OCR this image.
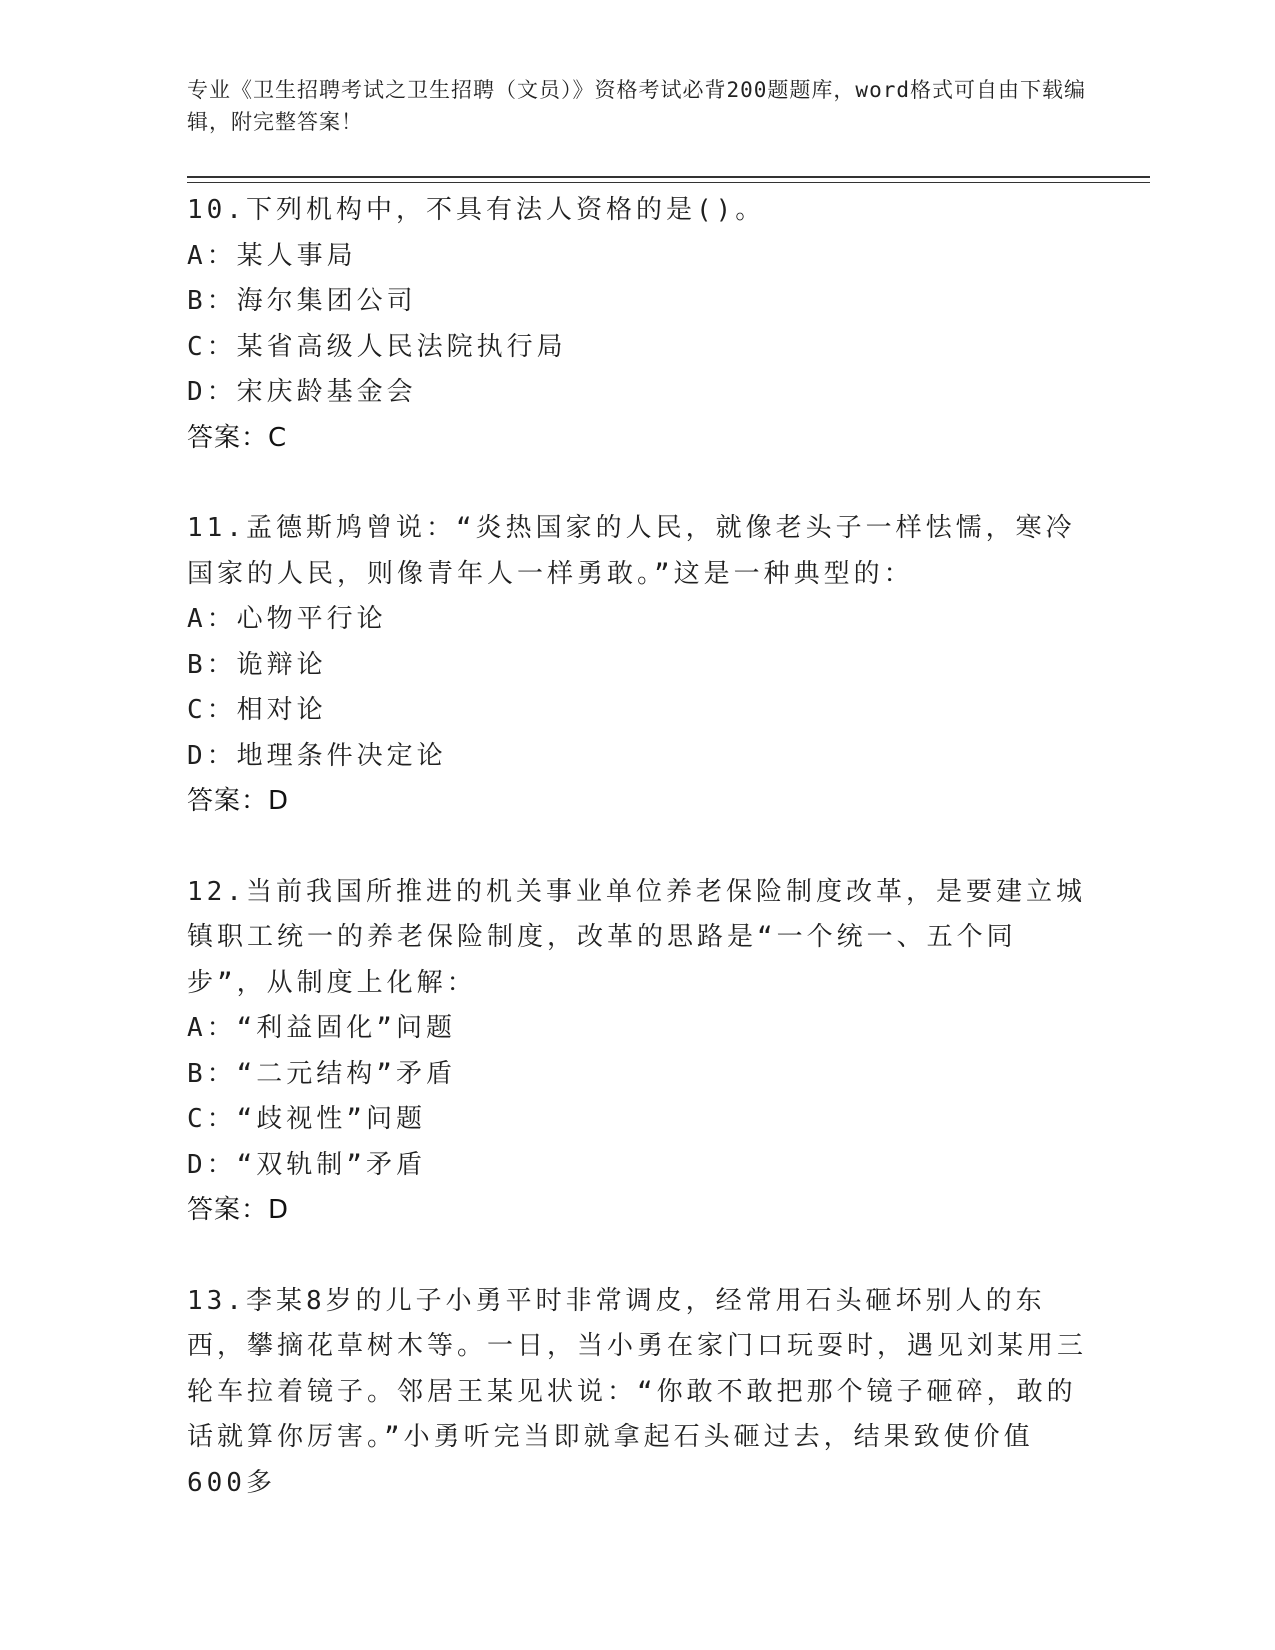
专业《卫生招聘考试之卫生招聘（文员）》资格考试必背200题题库，word格式可自由下载编辑，附完整答案！

10.下列机构中，不具有法人资格的是()。

A：某人事局

B：海尔集团公司

C：某省高级人民法院执行局

D：宋庆龄基金会

答案：C

11.孟德斯鸠曾说：“炎热国家的人民，就像老头子一样怯懦，寒冷国家的人民，则像青年人一样勇敢。”这是一种典型的：

A：心物平行论

B：诡辩论

C：相对论

D：地理条件决定论

答案：D

12.当前我国所推进的机关事业单位养老保险制度改革，是要建立城镇职工统一的养老保险制度，改革的思路是“一个统一、五个同步”，从制度上化解：

A：“利益固化”问题

B：“二元结构”矛盾

C：“歧视性”问题

D：“双轨制”矛盾

答案：D

13.李某8岁的儿子小勇平时非常调皮，经常用石头砸坏别人的东西，攀摘花草树木等。一日，当小勇在家门口玩耍时，遇见刘某用三轮车拉着镜子。邻居王某见状说：“你敢不敢把那个镜子砸碎，敢的话就算你厉害。”小勇听完当即就拿起石头砸过去，结果致使价值600多
